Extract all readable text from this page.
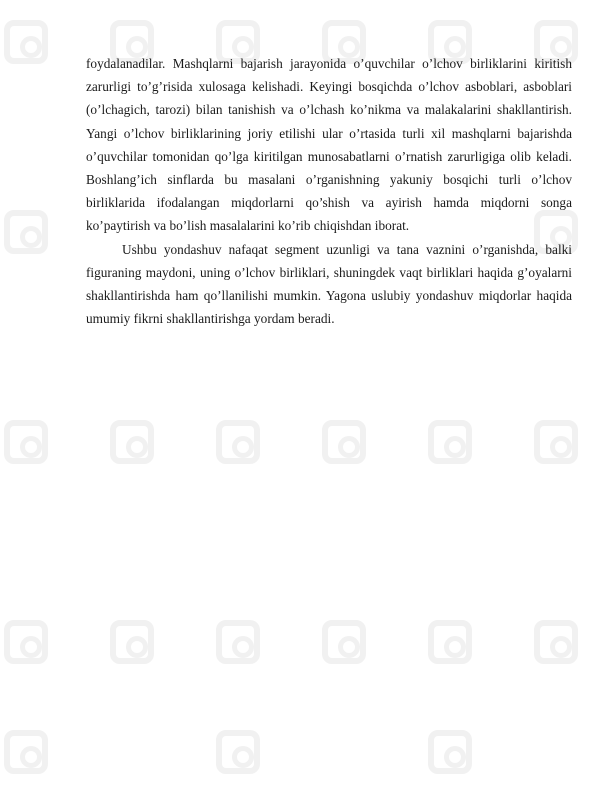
foydalanadilar. Mashqlarni bajarish jarayonida o’quvchilar o’lchov birliklarini kiritish zarurligi to’g’risida xulosaga kelishadi. Keyingi bosqichda o’lchov asboblari, asboblari (o’lchagich, tarozi) bilan tanishish va o’lchash ko’nikma va malakalarini shakllantirish. Yangi o’lchov birliklarining joriy etilishi ular o’rtasida turli xil mashqlarni bajarishda o’quvchilar tomonidan qo’lga kiritilgan munosabatlarni o’rnatish zarurligiga olib keladi. Boshlang’ich sinflarda bu masalani o’rganishning yakuniy bosqichi turli o’lchov birliklarida ifodalangan miqdorlarni qo’shish va ayirish hamda miqdorni songa ko’paytirish va bo’lish masalalarini ko’rib chiqishdan iborat.

Ushbu yondashuv nafaqat segment uzunligi va tana vaznini o’rganishda, balki figuraning maydoni, uning o’lchov birliklari, shuningdek vaqt birliklari haqida g’oyalarni shakllantirishda ham qo’llanilishi mumkin. Yagona uslubiy yondashuv miqdorlar haqida umumiy fikrni shakllantirishga yordam beradi.
